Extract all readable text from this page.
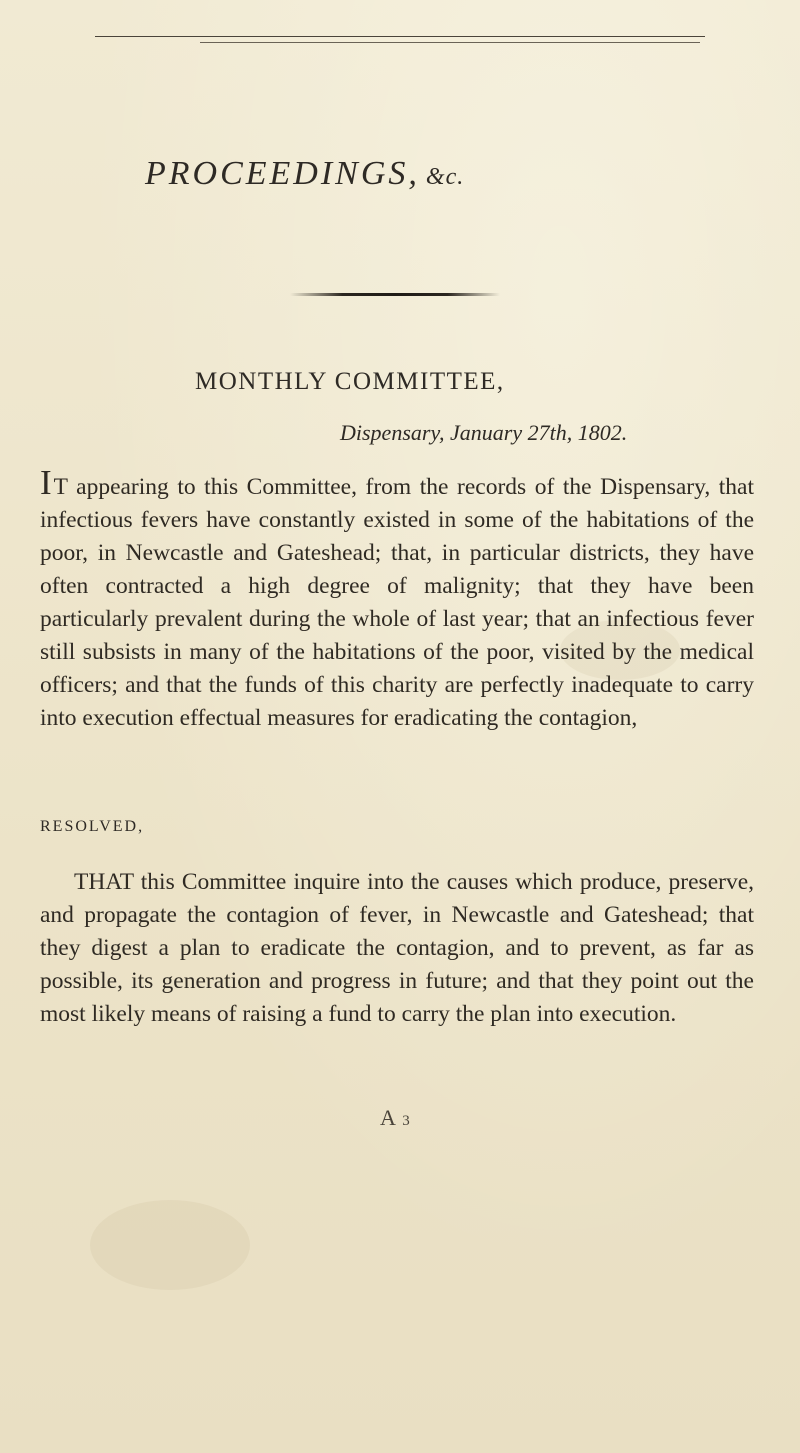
PROCEEDINGS, &c.
MONTHLY COMMITTEE,
Dispensary, January 27th, 1802.
IT appearing to this Committee, from the records of the Dispensary, that infectious fevers have constantly existed in some of the habitations of the poor, in Newcastle and Gateshead; that, in particular districts, they have often contracted a high degree of malignity; that they have been particularly prevalent during the whole of last year; that an infectious fever still subsists in many of the habitations of the poor, visited by the medical officers; and that the funds of this charity are perfectly inadequate to carry into execution effectual measures for eradicating the contagion,
RESOLVED,
THAT this Committee inquire into the causes which produce, preserve, and propagate the contagion of fever, in Newcastle and Gateshead; that they digest a plan to eradicate the contagion, and to prevent, as far as possible, its generation and progress in future; and that they point out the most likely means of raising a fund to carry the plan into execution.
A 3
